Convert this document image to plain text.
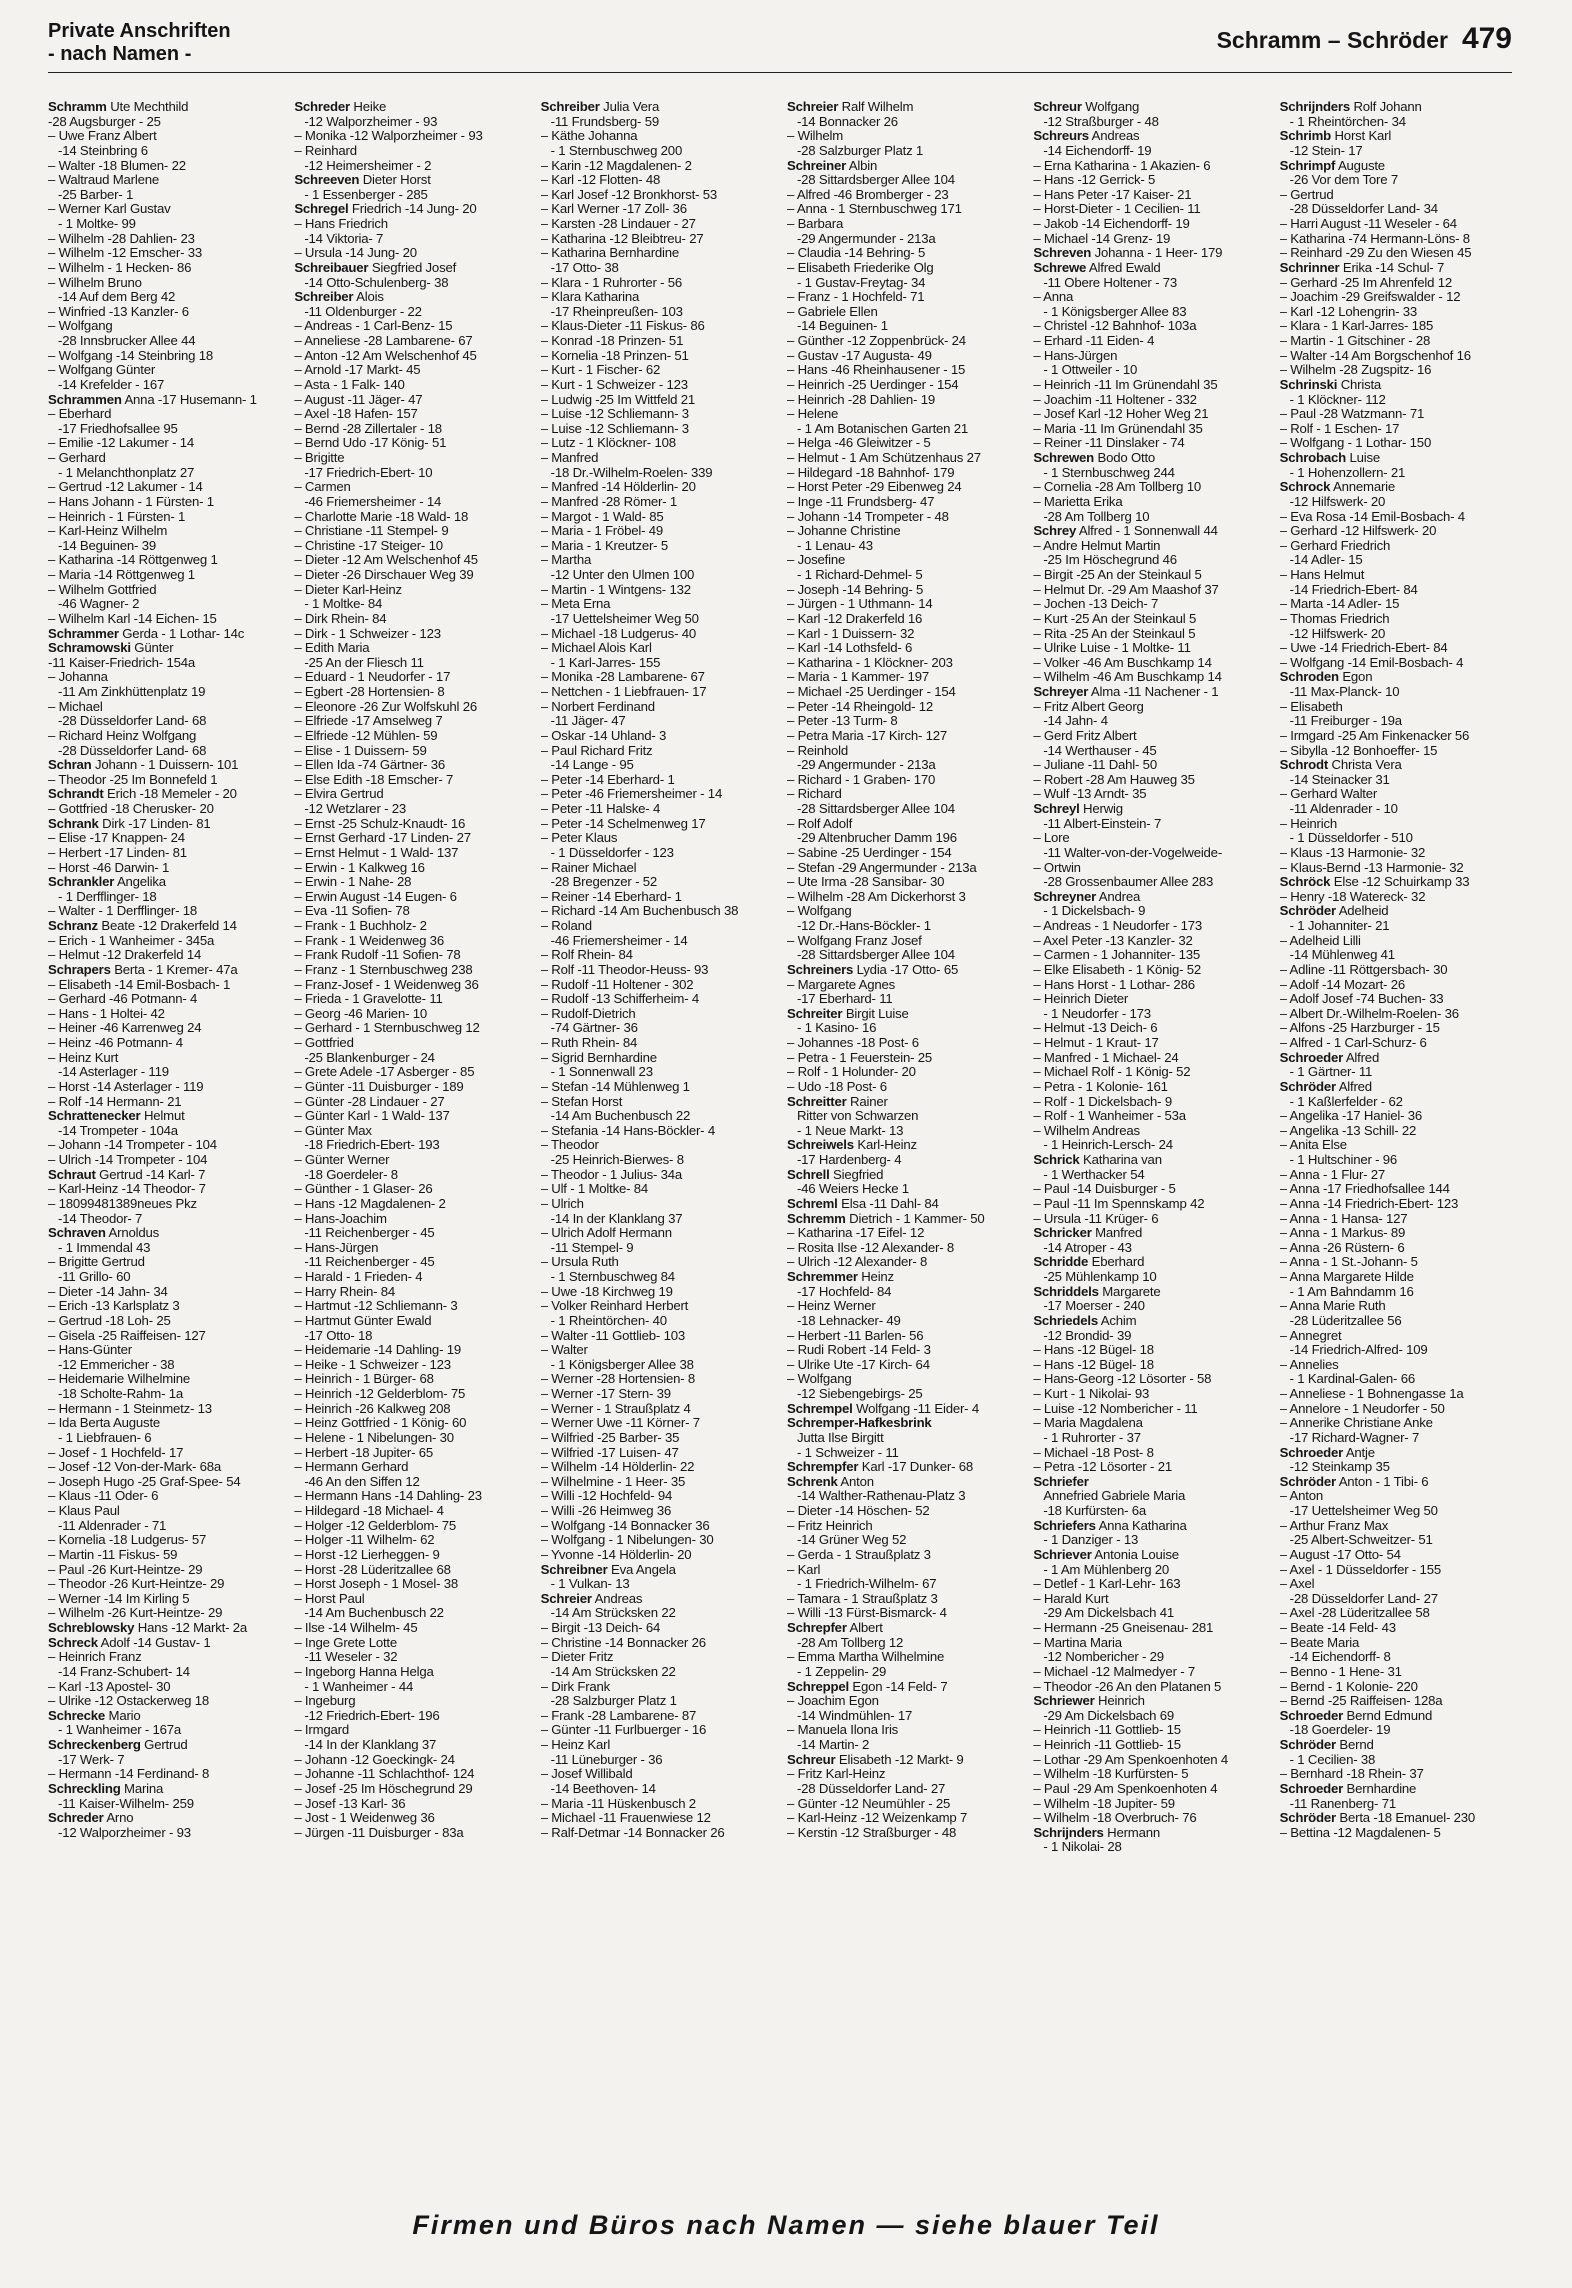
Private Anschriften
- nach Namen -
Schramm – Schröder 479
Schramm Ute Mechthild
-28 Augsburger - 25
– Uwe Franz Albert
-14 Steinbring 6
– Walter -18 Blumen- 22
– Waltraud Marlene
-25 Barber- 1
– Werner Karl Gustav
- 1 Moltke- 99
– Wilhelm -28 Dahlien- 23
– Wilhelm -12 Emscher- 33
– Wilhelm - 1 Hecken- 86
– Wilhelm Bruno
-14 Auf dem Berg 42
– Winfried -13 Kanzler- 6
– Wolfgang
-28 Innsbrucker Allee 44
– Wolfgang -14 Steinbring 18
– Wolfgang Günter
-14 Krefelder - 167
Schrammen Anna -17 Husemann- 1
– Eberhard
-17 Friedhofsallee 95
– Emilie -12 Lakumer - 14
– Gerhard
- 1 Melanchthonplatz 27
– Gertrud -12 Lakumer - 14
– Hans Johann - 1 Fürsten- 1
– Heinrich - 1 Fürsten- 1
– Karl-Heinz Wilhelm
-14 Beguinen- 39
– Katharina -14 Röttgenweg 1
– Maria -14 Röttgenweg 1
– Wilhelm Gottfried
-46 Wagner- 2
– Wilhelm Karl -14 Eichen- 15
Schrammer Gerda - 1 Lothar- 14c
Schramowski Günter
-11 Kaiser-Friedrich- 154a
– Johanna
-11 Am Zinkhüttenplatz 19
– Michael
-28 Düsseldorfer Land- 68
– Richard Heinz Wolfgang
-28 Düsseldorfer Land- 68
Schran Johann - 1 Duissern- 101
– Theodor -25 Im Bonnefeld 1
Schrandt Erich -18 Memeler - 20
– Gottfried -18 Cherusker- 20
Schrank Dirk -17 Linden- 81
– Elise -17 Knappen- 24
– Herbert -17 Linden- 81
– Horst -46 Darwin- 1
Schrankler Angelika
- 1 Derfflinger- 18
– Walter - 1 Derfflinger- 18
Schranz Beate -12 Drakerfeld 14
– Erich - 1 Wanheimer - 345a
– Helmut -12 Drakerfeld 14
Schrapers Berta - 1 Kremer- 47a
– Elisabeth -14 Emil-Bosbach- 1
– Gerhard -46 Potmann- 4
– Hans - 1 Holtei- 42
– Heiner -46 Karrenweg 24
– Heinz -46 Potmann- 4
– Heinz Kurt
-14 Asterlager - 119
– Horst -14 Asterlager - 119
– Rolf -14 Hermann- 21
Schrattenecker Helmut
-14 Trompeter - 104a
– Johann -14 Trompeter - 104
– Ulrich -14 Trompeter - 104
Schraut Gertrud -14 Karl- 7
– Karl-Heinz -14 Theodor- 7
– 18099481389neues Pkz
-14 Theodor- 7
Schraven Arnoldus
- 1 Immendal 43
– Brigitte Gertrud
-11 Grillo- 60
– Dieter -14 Jahn- 34
– Erich -13 Karlsplatz 3
– Gertrud -18 Loh- 25
– Gisela -25 Raiffeisen- 127
– Hans-Günter
-12 Emmericher - 38
– Heidemarie Wilhelmine
-18 Scholte-Rahm- 1a
– Hermann - 1 Steinmetz- 13
– Ida Berta Auguste
- 1 Liebfrauen- 6
– Josef - 1 Hochfeld- 17
– Josef -12 Von-der-Mark- 68a
– Joseph Hugo -25 Graf-Spee- 54
– Klaus -11 Oder- 6
– Klaus Paul
-11 Aldenrader - 71
– Kornelia -18 Ludgerus- 57
– Martin -11 Fiskus- 59
– Paul -26 Kurt-Heintze- 29
– Theodor -26 Kurt-Heintze- 29
– Werner -14 Im Kirling 5
– Wilhelm -26 Kurt-Heintze- 29
Schreblowsky Hans -12 Markt- 2a
Schreck Adolf -14 Gustav- 1
– Heinrich Franz
-14 Franz-Schubert- 14
– Karl -13 Apostel- 30
– Ulrike -12 Ostackerweg 18
Schrecke Mario
- 1 Wanheimer - 167a
Schreckenberg Gertrud
-17 Werk- 7
– Hermann -14 Ferdinand- 8
Schreckling Marina
-11 Kaiser-Wilhelm- 259
Schreder Arno
-12 Walporzheimer - 93
Schreder Heike
-12 Walporzheimer - 93
– Monika -12 Walporzheimer - 93
– Reinhard
-12 Heimersheimer - 2
Schreeven Dieter Horst
- 1 Essenberger - 285
Schregel Friedrich -14 Jung- 20
– Hans Friedrich
-14 Viktoria- 7
– Ursula -14 Jung- 20
Schreibauer Siegfried Josef
-14 Otto-Schulenberg- 38
Schreiber Alois
-11 Oldenburger - 22
– Andreas - 1 Carl-Benz- 15
– Anneliese -28 Lambarene- 67
– Anton -12 Am Welschenhof 45
– Arnold -17 Markt- 45
– Asta - 1 Falk- 140
– August -11 Jäger- 47
– Axel -18 Hafen- 157
– Bernd -28 Zillertaler - 18
– Bernd Udo -17 König- 51
– Brigitte
-17 Friedrich-Ebert- 10
– Carmen
-46 Friemersheimer - 14
– Charlotte Marie -18 Wald- 18
– Christiane -11 Stempel- 9
– Christine -17 Steiger- 10
– Dieter -12 Am Welschenhof 45
– Dieter -26 Dirschauer Weg 39
– Dieter Karl-Heinz
- 1 Moltke- 84
– Dirk Rhein- 84
– Dirk - 1 Schweizer - 123
– Edith Maria
-25 An der Fliesch 11
– Eduard - 1 Neudorfer - 17
– Egbert -28 Hortensien- 8
– Eleonore -26 Zur Wolfskuhl 26
– Elfriede -17 Amselweg 7
– Elfriede -12 Mühlen- 59
– Elise - 1 Duissern- 59
– Ellen Ida -74 Gärtner- 36
– Else Edith -18 Emscher- 7
– Elvira Gertrud
-12 Wetzlarer - 23
– Ernst -25 Schulz-Knaudt- 16
– Ernst Gerhard -17 Linden- 27
– Ernst Helmut - 1 Wald- 137
– Erwin - 1 Kalkweg 16
– Erwin - 1 Nahe- 28
– Erwin August -14 Eugen- 6
– Eva -11 Sofien- 78
– Frank - 1 Buchholz- 2
– Frank - 1 Weidenweg 36
– Frank Rudolf -11 Sofien- 78
– Franz - 1 Sternbuschweg 238
– Franz-Josef - 1 Weidenweg 36
– Frieda - 1 Gravelotte- 11
– Georg -46 Marien- 10
– Gerhard - 1 Sternbuschweg 12
– Gottfried
-25 Blankenburger - 24
– Grete Adele -17 Asberger - 85
– Günter -11 Duisburger - 189
– Günter -28 Lindauer - 27
– Günter Karl - 1 Wald- 137
– Günter Max
-18 Friedrich-Ebert- 193
– Günter Werner
-18 Goerdeler- 8
– Günther - 1 Glaser- 26
– Hans -12 Magdalenen- 2
– Hans-Joachim
-11 Reichenberger - 45
– Hans-Jürgen
-11 Reichenberger - 45
– Harald - 1 Frieden- 4
– Harry Rhein- 84
– Hartmut -12 Schliemann- 3
– Hartmut Günter Ewald
-17 Otto- 18
– Heidemarie -14 Dahling- 19
– Heike - 1 Schweizer - 123
– Heinrich - 1 Bürger- 68
– Heinrich -12 Gelderblom- 75
– Heinrich -26 Kalkweg 208
– Heinz Gottfried - 1 König- 60
– Helene - 1 Nibelungen- 30
– Herbert -18 Jupiter- 65
– Hermann Gerhard
-46 An den Siffen 12
– Hermann Hans -14 Dahling- 23
– Hildegard -18 Michael- 4
– Holger -12 Gelderblom- 75
– Holger -11 Wilhelm- 62
– Horst -12 Lierheggen- 9
– Horst -28 Lüderitzallee 68
– Horst Joseph - 1 Mosel- 38
– Horst Paul
-14 Am Buchenbusch 22
– Ilse -14 Wilhelm- 45
– Inge Grete Lotte
-11 Weseler - 32
– Ingeborg Hanna Helga
- 1 Wanheimer - 44
– Ingeburg
-12 Friedrich-Ebert- 196
– Irmgard
-14 In der Klanklang 37
– Johann -12 Goeckingk- 24
– Johanne -11 Schlachthof- 124
– Josef -25 Im Höschegrund 29
– Josef -13 Karl- 36
– Jost - 1 Weidenweg 36
– Jürgen -11 Duisburger - 83a
Schreiber Julia Vera
-11 Frundsberg- 59
– Käthe Johanna
- 1 Sternbuschweg 200
– Karin -12 Magdalenen- 2
– Karl -12 Flotten- 48
– Karl Josef -12 Bronkhorst- 53
– Karl Werner -17 Zoll- 36
– Karsten -28 Lindauer - 27
– Katharina -12 Bleibtreu- 27
– Katharina Bernhardine
-17 Otto- 38
– Klara - 1 Ruhrorter - 56
– Klara Katharina
-17 Rheinpreußen- 103
– Klaus-Dieter -11 Fiskus- 86
– Konrad -18 Prinzen- 51
– Kornelia -18 Prinzen- 51
– Kurt - 1 Fischer- 62
– Kurt - 1 Schweizer - 123
– Ludwig -25 Im Wittfeld 21
– Luise -12 Schliemann- 3
– Luise -12 Schliemann- 3
– Lutz - 1 Klöckner- 108
– Manfred
-18 Dr.-Wilhelm-Roelen- 339
– Manfred -14 Hölderlin- 20
– Manfred -28 Römer- 1
– Margot - 1 Wald- 85
– Maria - 1 Fröbel- 49
– Maria - 1 Kreutzer- 5
– Martha
-12 Unter den Ulmen 100
– Martin - 1 Wintgens- 132
– Meta Erna
-17 Uettelsheimer Weg 50
– Michael -18 Ludgerus- 40
– Michael Alois Karl
- 1 Karl-Jarres- 155
– Monika -28 Lambarene- 67
– Nettchen - 1 Liebfrauen- 17
– Norbert Ferdinand
-11 Jäger- 47
– Oskar -14 Uhland- 3
– Paul Richard Fritz
-14 Lange - 95
– Peter -14 Eberhard- 1
– Peter -46 Friemersheimer - 14
– Peter -11 Halske- 4
– Peter -14 Schelmenweg 17
– Peter Klaus
- 1 Düsseldorfer - 123
– Rainer Michael
-28 Bregenzer - 52
– Reiner -14 Eberhard- 1
– Richard -14 Am Buchenbusch 38
– Roland
-46 Friemersheimer - 14
– Rolf Rhein- 84
– Rolf -11 Theodor-Heuss- 93
– Rudolf -11 Holtener - 302
– Rudolf -13 Schifferheim- 4
– Rudolf-Dietrich
-74 Gärtner- 36
– Ruth Rhein- 84
– Sigrid Bernhardine
- 1 Sonnenwall 23
– Stefan -14 Mühlenweg 1
– Stefan Horst
-14 Am Buchenbusch 22
– Stefania -14 Hans-Böckler- 4
– Theodor
-25 Heinrich-Bierwes- 8
– Theodor - 1 Julius- 34a
– Ulf - 1 Moltke- 84
– Ulrich
-14 In der Klanklang 37
– Ulrich Adolf Hermann
-11 Stempel- 9
– Ursula Ruth
- 1 Sternbuschweg 84
– Uwe -18 Kirchweg 19
– Volker Reinhard Herbert
- 1 Rheintörchen- 40
– Walter -11 Gottlieb- 103
– Walter
- 1 Königsberger Allee 38
– Werner -28 Hortensien- 8
– Werner -17 Stern- 39
– Werner - 1 Straußplatz 4
– Werner Uwe -11 Körner- 7
– Wilfried -25 Barber- 35
– Wilfried -17 Luisen- 47
– Wilhelm -14 Hölderlin- 22
– Wilhelmine - 1 Heer- 35
– Willi -12 Hochfeld- 94
– Willi -26 Heimweg 36
– Wolfgang -14 Bonnacker 36
– Wolfgang - 1 Nibelungen- 30
– Yvonne -14 Hölderlin- 20
Schreibner Eva Angela
- 1 Vulkan- 13
Schreier Andreas
-14 Am Strücksken 22
– Birgit -13 Deich- 64
– Christine -14 Bonnacker 26
– Dieter Fritz
-14 Am Strücksken 22
– Dirk Frank
-28 Salzburger Platz 1
– Frank -28 Lambarene- 87
– Günter -11 Furlbuerger - 16
– Heinz Karl
-11 Lüneburger - 36
– Josef Willibald
-14 Beethoven- 14
– Maria -11 Hüskenbusch 2
– Michael -11 Frauenwiese 12
– Ralf-Detmar -14 Bonnacker 26
Schreier Ralf Wilhelm
-14 Bonnacker 26
– Wilhelm
-28 Salzburger Platz 1
Schreiner Albin
-28 Sittardsberger Allee 104
– Alfred -46 Bromberger - 23
– Anna - 1 Sternbuschweg 171
– Barbara
-29 Angermunder - 213a
– Claudia -14 Behring- 5
– Elisabeth Friederike Olg
- 1 Gustav-Freytag- 34
– Franz - 1 Hochfeld- 71
– Gabriele Ellen
-14 Beguinen- 1
– Günther -12 Zoppenbrück- 24
– Gustav -17 Augusta- 49
– Hans -46 Rheinhausener - 15
– Heinrich -25 Uerdinger - 154
– Heinrich -28 Dahlien- 19
– Helene
- 1 Am Botanischen Garten 21
– Helga -46 Gleiwitzer - 5
– Helmut - 1 Am Schützenhaus 27
– Hildegard -18 Bahnhof- 179
– Horst Peter -29 Eibenweg 24
– Inge -11 Frundsberg- 47
– Johann -14 Trompeter - 48
– Johanne Christine
- 1 Lenau- 43
– Josefine
- 1 Richard-Dehmel- 5
– Joseph -14 Behring- 5
– Jürgen - 1 Uthmann- 14
– Karl -12 Drakerfeld 16
– Karl - 1 Duissern- 32
– Karl -14 Lothsfeld- 6
– Katharina - 1 Klöckner- 203
– Maria - 1 Kammer- 197
– Michael -25 Uerdinger - 154
– Peter -14 Rheingold- 12
– Peter -13 Turm- 8
– Petra Maria -17 Kirch- 127
– Reinhold
-29 Angermunder - 213a
– Richard - 1 Graben- 170
– Richard
-28 Sittardsberger Allee 104
– Rolf Adolf
-29 Altenbrucher Damm 196
– Sabine -25 Uerdinger - 154
– Stefan -29 Angermunder - 213a
– Ute Irma -28 Sansibar- 30
– Wilhelm -28 Am Dickerhorst 3
– Wolfgang
-12 Dr.-Hans-Böckler- 1
– Wolfgang Franz Josef
-28 Sittardsberger Allee 104
Schreiners Lydia -17 Otto- 65
– Margarete Agnes
-17 Eberhard- 11
Schreiter Birgit Luise
- 1 Kasino- 16
– Johannes -18 Post- 6
– Petra - 1 Feuerstein- 25
– Rolf - 1 Holunder- 20
– Udo -18 Post- 6
Schreitter Rainer
Ritter von Schwarzen
- 1 Neue Markt- 13
Schreiwels Karl-Heinz
-17 Hardenberg- 4
Schrell Siegfried
-46 Weiers Hecke 1
Schreml Elsa -11 Dahl- 84
Schremm Dietrich - 1 Kammer- 50
– Katharina -17 Eifel- 12
– Rosita Ilse -12 Alexander- 8
– Ulrich -12 Alexander- 8
Schremmer Heinz
-17 Hochfeld- 84
– Heinz Werner
-18 Lehnacker- 49
– Herbert -11 Barlen- 56
– Rudi Robert -14 Feld- 3
– Ulrike Ute -17 Kirch- 64
– Wolfgang
-12 Siebengebirgs- 25
Schrempel Wolfgang -11 Eider- 4
Schremper-Hafkesbrink
Jutta Ilse Birgitt
- 1 Schweizer - 11
Schrempfer Karl -17 Dunker- 68
Schrenk Anton
-14 Walther-Rathenau-Platz 3
– Dieter -14 Höschen- 52
– Fritz Heinrich
-14 Grüner Weg 52
– Gerda - 1 Straußplatz 3
– Karl
- 1 Friedrich-Wilhelm- 67
– Tamara - 1 Straußplatz 3
– Willi -13 Fürst-Bismarck- 4
Schrepfer Albert
-28 Am Tollberg 12
– Emma Martha Wilhelmine
- 1 Zeppelin- 29
Schreppel Egon -14 Feld- 7
– Joachim Egon
-14 Windmühlen- 17
– Manuela Ilona Iris
-14 Martin- 2
Schreur Elisabeth -12 Markt- 9
– Fritz Karl-Heinz
-28 Düsseldorfer Land- 27
– Günter -12 Neumühler - 25
– Karl-Heinz -12 Weizenkamp 7
– Kerstin -12 Straßburger - 48
Schreur Wolfgang
-12 Straßburger - 48
Schreurs Andreas
-14 Eichendorff- 19
– Erna Katharina - 1 Akazien- 6
– Hans -12 Gerrick- 5
– Hans Peter -17 Kaiser- 21
– Horst-Dieter - 1 Cecilien- 11
– Jakob -14 Eichendorff- 19
– Michael -14 Grenz- 19
Schreven Johanna - 1 Heer- 179
Schrewe Alfred Ewald
-11 Obere Holtener - 73
– Anna
- 1 Königsberger Allee 83
– Christel -12 Bahnhof- 103a
– Erhard -11 Eiden- 4
– Hans-Jürgen
- 1 Ottweiler - 10
– Heinrich -11 Im Grünendahl 35
– Joachim -11 Holtener - 332
– Josef Karl -12 Hoher Weg 21
– Maria -11 Im Grünendahl 35
– Reiner -11 Dinslaker - 74
Schrewen Bodo Otto
- 1 Sternbuschweg 244
– Cornelia -28 Am Tollberg 10
– Marietta Erika
-28 Am Tollberg 10
Schrey Alfred - 1 Sonnenwall 44
– Andre Helmut Martin
-25 Im Höschegrund 46
– Birgit -25 An der Steinkaul 5
– Helmut Dr. -29 Am Maashof 37
– Jochen -13 Deich- 7
– Kurt -25 An der Steinkaul 5
– Rita -25 An der Steinkaul 5
– Ulrike Luise - 1 Moltke- 11
– Volker -46 Am Buschkamp 14
– Wilhelm -46 Am Buschkamp 14
Schreyer Alma -11 Nachener - 1
– Fritz Albert Georg
-14 Jahn- 4
– Gerd Fritz Albert
-14 Werthauser - 45
– Juliane -11 Dahl- 50
– Robert -28 Am Hauweg 35
– Wulf -13 Arndt- 35
Schreyl Herwig
-11 Albert-Einstein- 7
– Lore
-11 Walter-von-der-Vogelweide-
– Ortwin
-28 Grossenbaumer Allee 283
Schreyner Andrea
- 1 Dickelsbach- 9
– Andreas - 1 Neudorfer - 173
– Axel Peter -13 Kanzler- 32
– Carmen - 1 Johanniter- 135
– Elke Elisabeth - 1 König- 52
– Hans Horst - 1 Lothar- 286
– Heinrich Dieter
- 1 Neudorfer - 173
– Helmut -13 Deich- 6
– Helmut - 1 Kraut- 17
– Manfred - 1 Michael- 24
– Michael Rolf - 1 König- 52
– Petra - 1 Kolonie- 161
– Rolf - 1 Dickelsbach- 9
– Rolf - 1 Wanheimer - 53a
– Wilhelm Andreas
- 1 Heinrich-Lersch- 24
Schrick Katharina van
- 1 Werthacker 54
– Paul -14 Duisburger - 5
– Paul -11 Im Spennskamp 42
– Ursula -11 Krüger- 6
Schricker Manfred
-14 Atroper - 43
Schridde Eberhard
-25 Mühlenkamp 10
Schriddels Margarete
-17 Moerser - 240
Schriedels Achim
-12 Brondid- 39
– Hans -12 Bügel- 18
– Hans -12 Bügel- 18
– Hans-Georg -12 Lösorter - 58
– Kurt - 1 Nikolai- 93
– Luise -12 Nombericher - 11
– Maria Magdalena
- 1 Ruhrorter - 37
– Michael -18 Post- 8
– Petra -12 Lösorter - 21
Schriefer
Annefried Gabriele Maria
-18 Kurfürsten- 6a
Schriefers Anna Katharina
- 1 Danziger - 13
Schriever Antonia Louise
- 1 Am Mühlenberg 20
– Detlef - 1 Karl-Lehr- 163
– Harald Kurt
-29 Am Dickelsbach 41
– Hermann -25 Gneisenau- 281
– Martina Maria
-12 Nombericher - 29
– Michael -12 Malmedyer - 7
– Theodor -26 An den Platanen 5
Schriewer Heinrich
-29 Am Dickelsbach 69
– Heinrich -11 Gottlieb- 15
– Heinrich -11 Gottlieb- 15
– Lothar -29 Am Spenkoenhoten 4
– Wilhelm -18 Kurfürsten- 5
– Paul -29 Am Spenkoenhoten 4
– Wilhelm -18 Jupiter- 59
– Wilhelm -18 Overbruch- 76
Schrijnders Hermann
- 1 Nikolai- 28
Schrijnders Rolf Johann
- 1 Rheintörchen- 34
Schrimb Horst Karl
-12 Stein- 17
Schrimpf Auguste
-26 Vor dem Tore 7
– Gertrud
-28 Düsseldorfer Land- 34
– Harri August -11 Weseler - 64
– Katharina -74 Hermann-Löns- 8
– Reinhard -29 Zu den Wiesen 45
Schrinner Erika -14 Schul- 7
– Gerhard -25 Im Ahrenfeld 12
– Joachim -29 Greifswalder - 12
– Karl -12 Lohengrin- 33
– Klara - 1 Karl-Jarres- 185
– Martin - 1 Gitschiner - 28
– Walter -14 Am Borgschenhof 16
– Wilhelm -28 Zugspitz- 16
Schrinski Christa
- 1 Klöckner- 112
– Paul -28 Watzmann- 71
– Rolf - 1 Eschen- 17
– Wolfgang - 1 Lothar- 150
Schrobach Luise
- 1 Hohenzollern- 21
Schrock Annemarie
-12 Hilfswerk- 20
– Eva Rosa -14 Emil-Bosbach- 4
– Gerhard -12 Hilfswerk- 20
– Gerhard Friedrich
-14 Adler- 15
– Hans Helmut
-14 Friedrich-Ebert- 84
– Marta -14 Adler- 15
– Thomas Friedrich
-12 Hilfswerk- 20
– Uwe -14 Friedrich-Ebert- 84
– Wolfgang -14 Emil-Bosbach- 4
Schroden Egon
-11 Max-Planck- 10
– Elisabeth
-11 Freiburger - 19a
– Irmgard -25 Am Finkenacker 56
– Sibylla -12 Bonhoeffer- 15
Schrodt Christa Vera
-14 Steinacker 31
– Gerhard Walter
-11 Aldenrader - 10
– Heinrich
- 1 Düsseldorfer - 510
– Klaus -13 Harmonie- 32
– Klaus-Bernd -13 Harmonie- 32
Schröck Else -12 Schuirkamp 33
– Henry -18 Watereck- 32
Schröder Adelheid
- 1 Johanniter- 21
– Adelheid Lilli
-14 Mühlenweg 41
– Adline -11 Röttgersbach- 30
– Adolf -14 Mozart- 26
– Adolf Josef -74 Buchen- 33
– Albert Dr.-Wilhelm-Roelen- 36
– Alfons -25 Harzburger - 15
– Alfred - 1 Carl-Schurz- 6
Schroeder Alfred
- 1 Gärtner- 11
Schröder Alfred
- 1 Kaßlerfelder - 62
– Angelika -17 Haniel- 36
– Angelika -13 Schill- 22
– Anita Else
- 1 Hultschiner - 96
– Anna - 1 Flur- 27
– Anna -17 Friedhofsallee 144
– Anna -14 Friedrich-Ebert- 123
– Anna - 1 Hansa- 127
– Anna - 1 Markus- 89
– Anna -26 Rüstern- 6
– Anna - 1 St.-Johann- 5
– Anna Margarete Hilde
- 1 Am Bahndamm 16
– Anna Marie Ruth
-28 Lüderitzallee 56
– Annegret
-14 Friedrich-Alfred- 109
– Annelies
- 1 Kardinal-Galen- 66
– Anneliese - 1 Bohnengasse 1a
– Annelore - 1 Neudorfer - 50
– Annerike Christiane Anke
-17 Richard-Wagner- 7
Schroeder Antje
-12 Steinkamp 35
Schröder Anton - 1 Tibi- 6
– Anton
-17 Uettelsheimer Weg 50
– Arthur Franz Max
-25 Albert-Schweitzer- 51
– August -17 Otto- 54
– Axel - 1 Düsseldorfer - 155
– Axel
-28 Düsseldorfer Land- 27
– Axel -28 Lüderitzallee 58
– Beate -14 Feld- 43
– Beate Maria
-14 Eichendorff- 8
– Benno - 1 Hene- 31
– Bernd - 1 Kolonie- 220
– Bernd -25 Raiffeisen- 128a
Schroeder Bernd Edmund
-18 Goerdeler- 19
Schröder Bernd
- 1 Cecilien- 38
– Bernhard -18 Rhein- 37
Schroeder Bernhardine
-11 Ranenberg- 71
Schröder Berta -18 Emanuel- 230
– Bettina -12 Magdalenen- 5
Firmen und Büros nach Namen — siehe blauer Teil
